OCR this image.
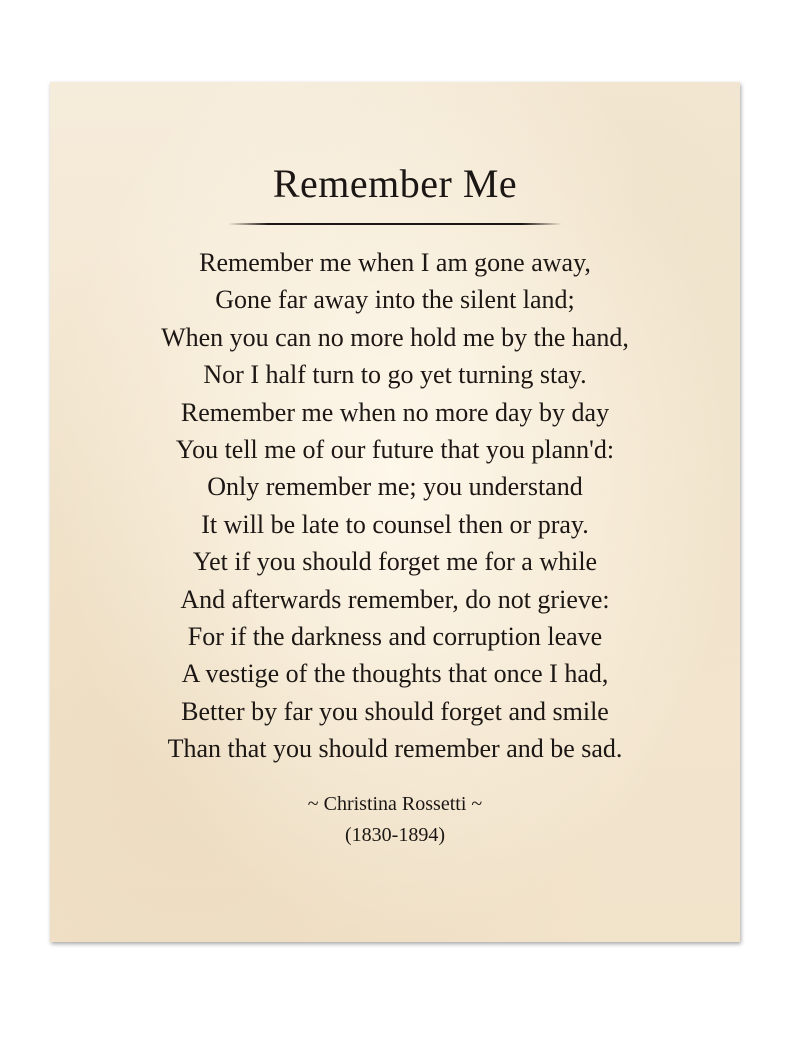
Remember Me
Remember me when I am gone away,
Gone far away into the silent land;
When you can no more hold me by the hand,
Nor I half turn to go yet turning stay.
Remember me when no more day by day
You tell me of our future that you plann'd:
Only remember me; you understand
It will be late to counsel then or pray.
Yet if you should forget me for a while
And afterwards remember, do not grieve:
For if the darkness and corruption leave
A vestige of the thoughts that once I had,
Better by far you should forget and smile
Than that you should remember and be sad.
~ Christina Rossetti ~
(1830-1894)
